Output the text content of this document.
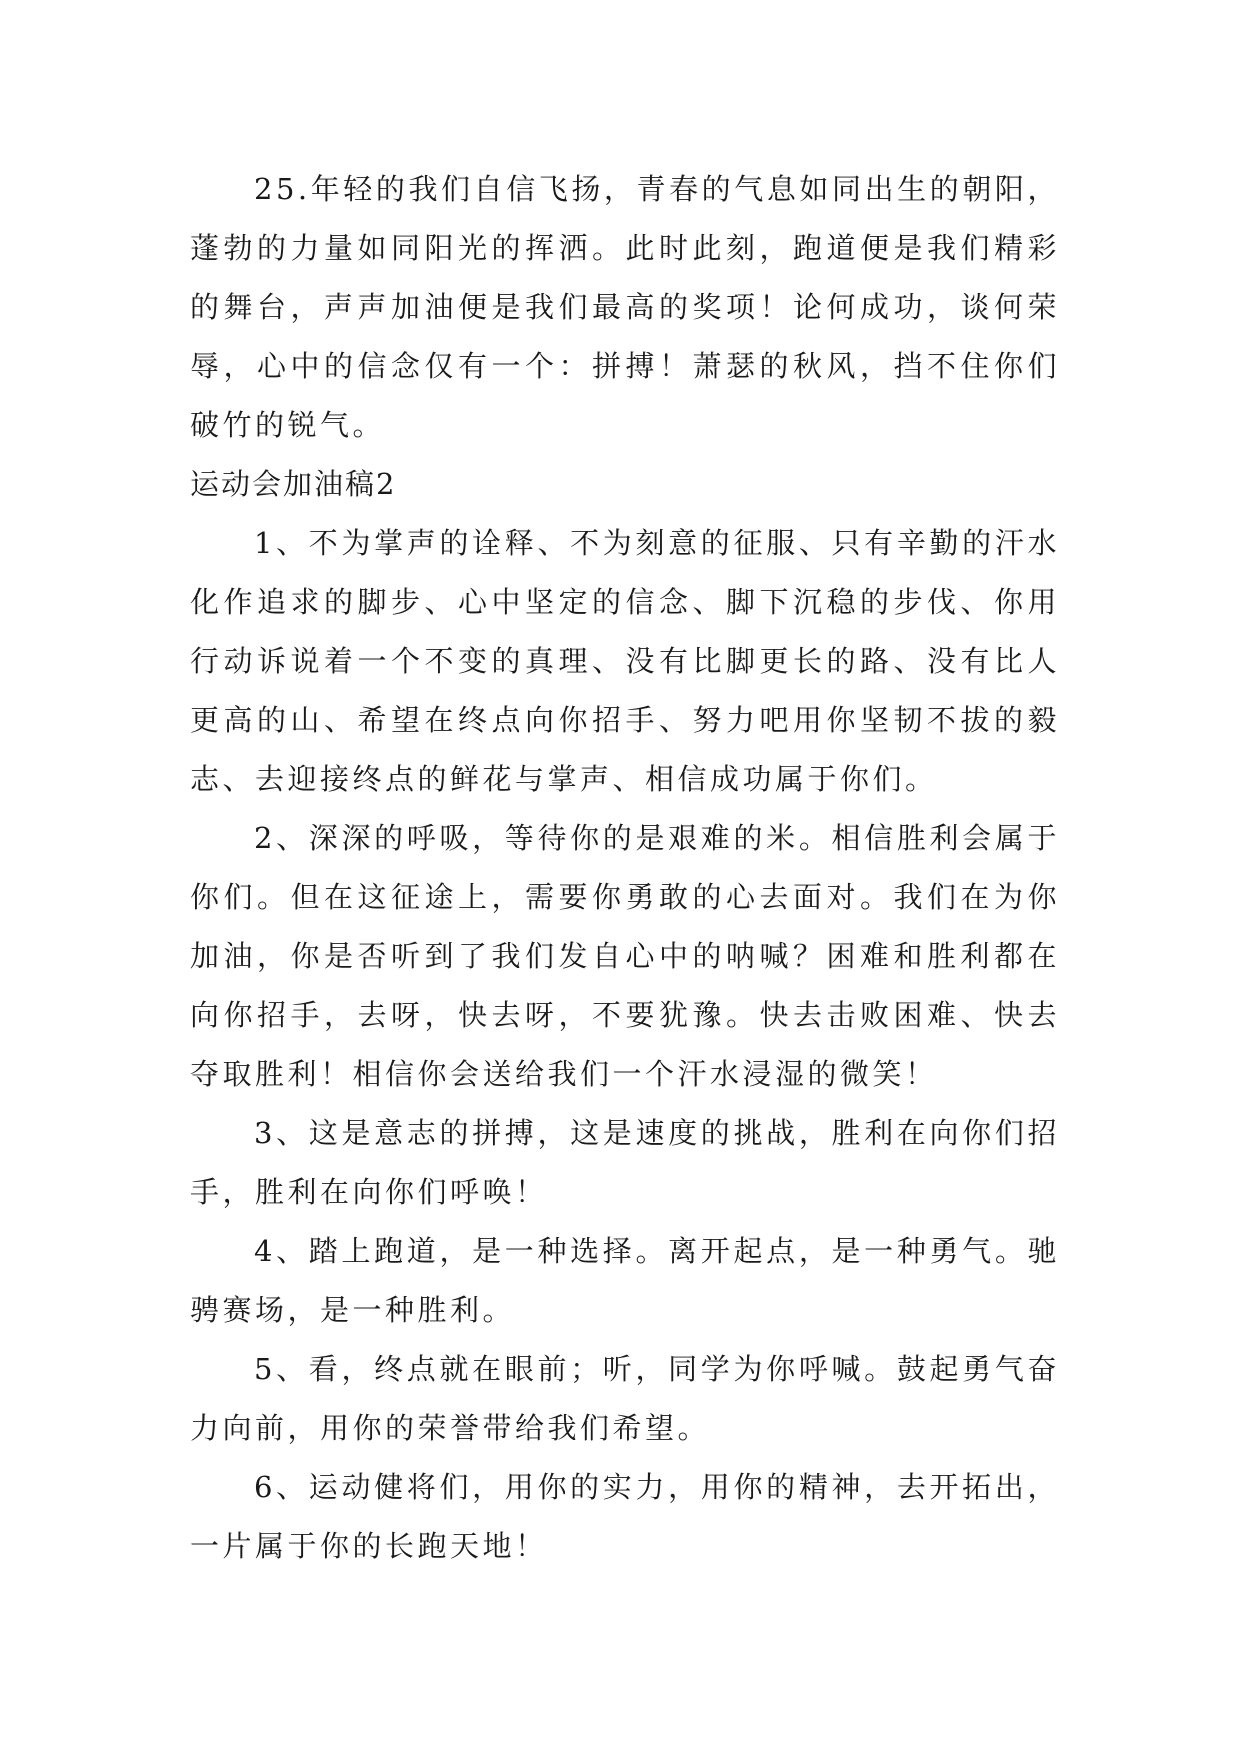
25.年轻的我们自信飞扬，青春的气息如同出生的朝阳，蓬勃的力量如同阳光的挥洒。此时此刻，跑道便是我们精彩的舞台，声声加油便是我们最高的奖项！论何成功，谈何荣辱，心中的信念仅有一个：拼搏！萧瑟的秋风，挡不住你们破竹的锐气。

运动会加油稿2

1、不为掌声的诠释、不为刻意的征服、只有辛勤的汗水化作追求的脚步、心中坚定的信念、脚下沉稳的步伐、你用行动诉说着一个不变的真理、没有比脚更长的路、没有比人更高的山、希望在终点向你招手、努力吧用你坚韧不拔的毅志、去迎接终点的鲜花与掌声、相信成功属于你们。

2、深深的呼吸，等待你的是艰难的米。相信胜利会属于你们。但在这征途上，需要你勇敢的心去面对。我们在为你加油，你是否听到了我们发自心中的呐喊？困难和胜利都在向你招手，去呀，快去呀，不要犹豫。快去击败困难、快去夺取胜利！相信你会送给我们一个汗水浸湿的微笑！

3、这是意志的拼搏，这是速度的挑战，胜利在向你们招手，胜利在向你们呼唤！

4、踏上跑道，是一种选择。离开起点，是一种勇气。驰骋赛场，是一种胜利。

5、看，终点就在眼前；听，同学为你呼喊。鼓起勇气奋力向前，用你的荣誉带给我们希望。

6、运动健将们，用你的实力，用你的精神，去开拓出，一片属于你的长跑天地！
